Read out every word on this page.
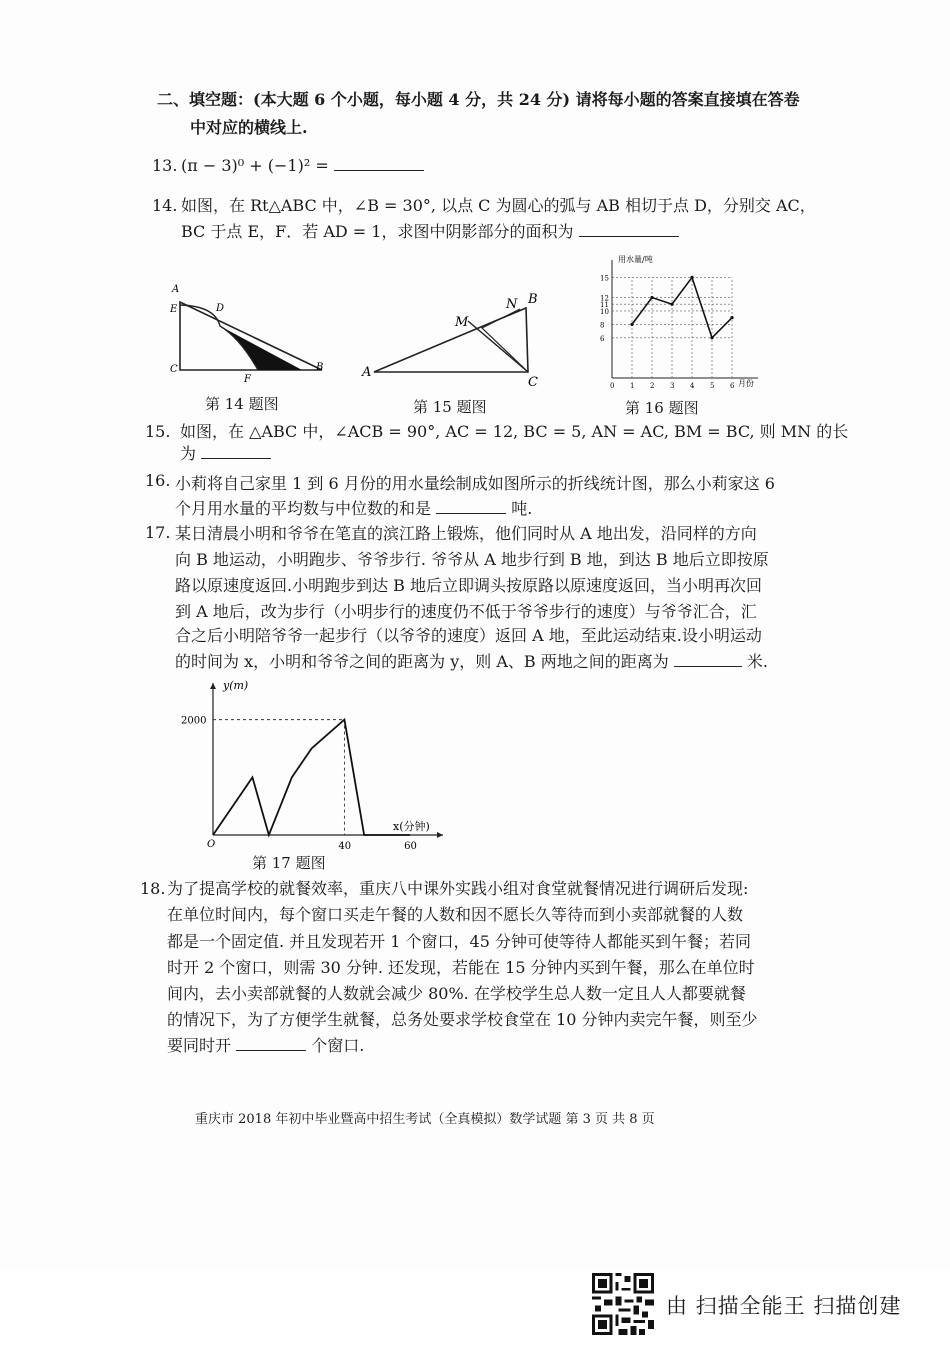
二、填空题：(本大题 6 个小题，每小题 4 分，共 24 分) 请将每小题的答案直接填在答卷
中对应的横线上.
13. (π − 3)⁰ + (−1)² =
14. 如图，在 Rt△ABC 中，∠B = 30°, 以点 C 为圆心的弧与 AB 相切于点 D，分别交 AC，
BC 于点 E，F．若 AD = 1，求图中阴影部分的面积为
A
E	D
C
F
B
第 14 题图
N B
M
A
C
第 15 题图
用水量/吨
月份
6
8
10
11
12
15
0 1 2 3 4 5 6
第 16 题图
15. 如图，在 △ABC 中，∠ACB = 90°, AC = 12, BC = 5, AN = AC, BM = BC, 则 MN 的长
为
16. 小莉将自己家里 1 到 6 月份的用水量绘制成如图所示的折线统计图，那么小莉家这 6
个月用水量的平均数与中位数的和是	吨.
17. 某日清晨小明和爷爷在笔直的滨江路上锻炼，他们同时从 A 地出发，沿同样的方向
向 B 地运动，小明跑步、爷爷步行. 爷爷从 A 地步行到 B 地，到达 B 地后立即按原
路以原速度返回.小明跑步到达 B 地后立即调头按原路以原速度返回，当小明再次回
到 A 地后，改为步行（小明步行的速度仍不低于爷爷步行的速度）与爷爷汇合，汇
合之后小明陪爷爷一起步行（以爷爷的速度）返回 A 地，至此运动结束.设小明运动
的时间为 x，小明和爷爷之间的距离为 y，则 A、B 两地之间的距离为	米.
y(m)
x(分钟)
2000
O	40	60
第 17 题图
18. 为了提高学校的就餐效率，重庆八中课外实践小组对食堂就餐情况进行调研后发现:
在单位时间内，每个窗口买走午餐的人数和因不愿长久等待而到小卖部就餐的人数
都是一个固定值. 并且发现若开 1 个窗口，45 分钟可使等待人都能买到午餐；若同
时开 2 个窗口，则需 30 分钟. 还发现，若能在 15 分钟内买到午餐，那么在单位时
间内，去小卖部就餐的人数就会减少 80%. 在学校学生总人数一定且人人都要就餐
的情况下，为了方便学生就餐，总务处要求学校食堂在 10 分钟内卖完午餐，则至少
要同时开	个窗口.
重庆市 2018 年初中毕业暨高中招生考试（全真模拟）数学试题 第 3 页 共 8 页
由 扫描全能王 扫描创建
